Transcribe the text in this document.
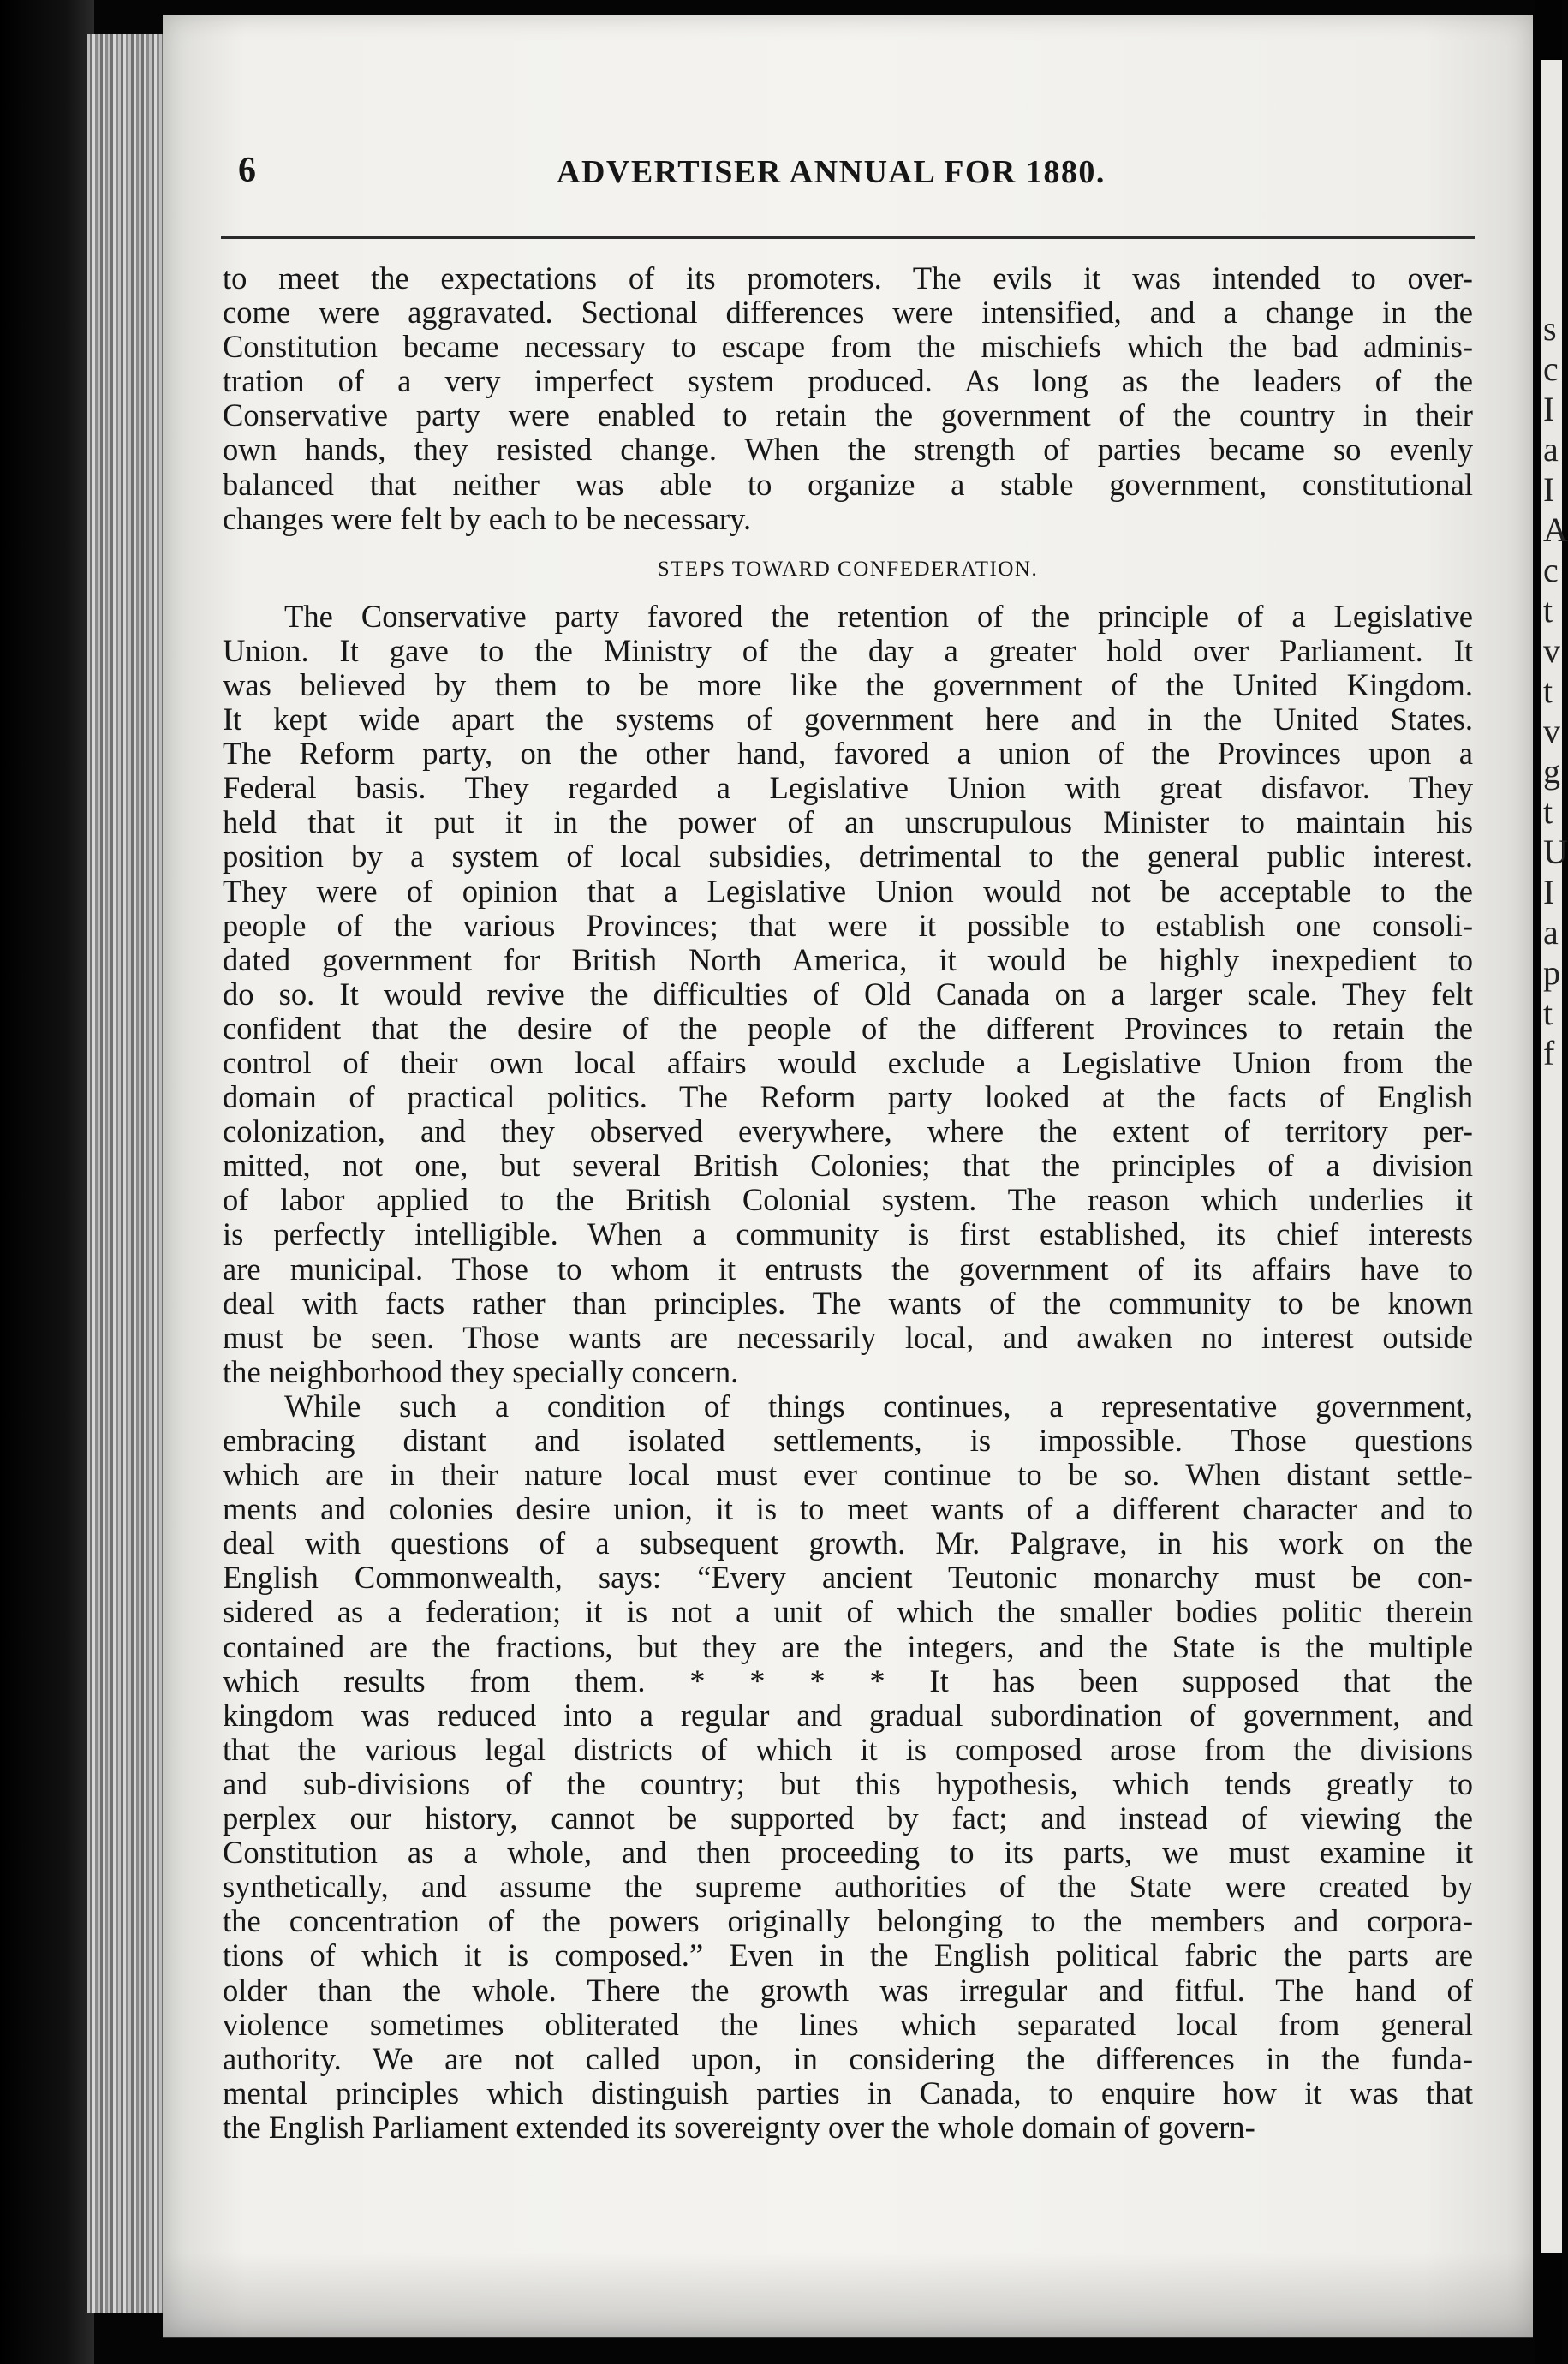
s
c
I
a
I
A
c
t
v
t
v
g
t
U
I
a
p
t
f
6	ADVERTISER ANNUAL FOR 1880.
to meet the expectations of its promoters. The evils it was intended to over-
come were aggravated. Sectional differences were intensified, and a change in the
Constitution became necessary to escape from the mischiefs which the bad adminis-
tration of a very imperfect system produced. As long as the leaders of the
Conservative party were enabled to retain the government of the country in their
own hands, they resisted change. When the strength of parties became so evenly
balanced that neither was able to organize a stable government, constitutional
changes were felt by each to be necessary.
STEPS TOWARD CONFEDERATION.
The Conservative party favored the retention of the principle of a Legislative
Union. It gave to the Ministry of the day a greater hold over Parliament. It
was believed by them to be more like the government of the United Kingdom.
It kept wide apart the systems of government here and in the United States.
The Reform party, on the other hand, favored a union of the Provinces upon a
Federal basis. They regarded a Legislative Union with great disfavor. They
held that it put it in the power of an unscrupulous Minister to maintain his
position by a system of local subsidies, detrimental to the general public interest.
They were of opinion that a Legislative Union would not be acceptable to the
people of the various Provinces; that were it possible to establish one consoli-
dated government for British North America, it would be highly inexpedient to
do so. It would revive the difficulties of Old Canada on a larger scale. They felt
confident that the desire of the people of the different Provinces to retain the
control of their own local affairs would exclude a Legislative Union from the
domain of practical politics. The Reform party looked at the facts of English
colonization, and they observed everywhere, where the extent of territory per-
mitted, not one, but several British Colonies; that the principles of a division
of labor applied to the British Colonial system. The reason which underlies it
is perfectly intelligible. When a community is first established, its chief interests
are municipal. Those to whom it entrusts the government of its affairs have to
deal with facts rather than principles. The wants of the community to be known
must be seen. Those wants are necessarily local, and awaken no interest outside
the neighborhood they specially concern.
While such a condition of things continues, a representative government,
embracing distant and isolated settlements, is impossible. Those questions
which are in their nature local must ever continue to be so. When distant settle-
ments and colonies desire union, it is to meet wants of a different character and to
deal with questions of a subsequent growth. Mr. Palgrave, in his work on the
English Commonwealth, says: “Every ancient Teutonic monarchy must be con-
sidered as a federation; it is not a unit of which the smaller bodies politic therein
contained are the fractions, but they are the integers, and the State is the multiple
which results from them. * * * * It has been supposed that the
kingdom was reduced into a regular and gradual subordination of government, and
that the various legal districts of which it is composed arose from the divisions
and sub-divisions of the country; but this hypothesis, which tends greatly to
perplex our history, cannot be supported by fact; and instead of viewing the
Constitution as a whole, and then proceeding to its parts, we must examine it
synthetically, and assume the supreme authorities of the State were created by
the concentration of the powers originally belonging to the members and corpora-
tions of which it is composed.” Even in the English political fabric the parts are
older than the whole. There the growth was irregular and fitful. The hand of
violence sometimes obliterated the lines which separated local from general
authority. We are not called upon, in considering the differences in the funda-
mental principles which distinguish parties in Canada, to enquire how it was that
the English Parliament extended its sovereignty over the whole domain of govern-
